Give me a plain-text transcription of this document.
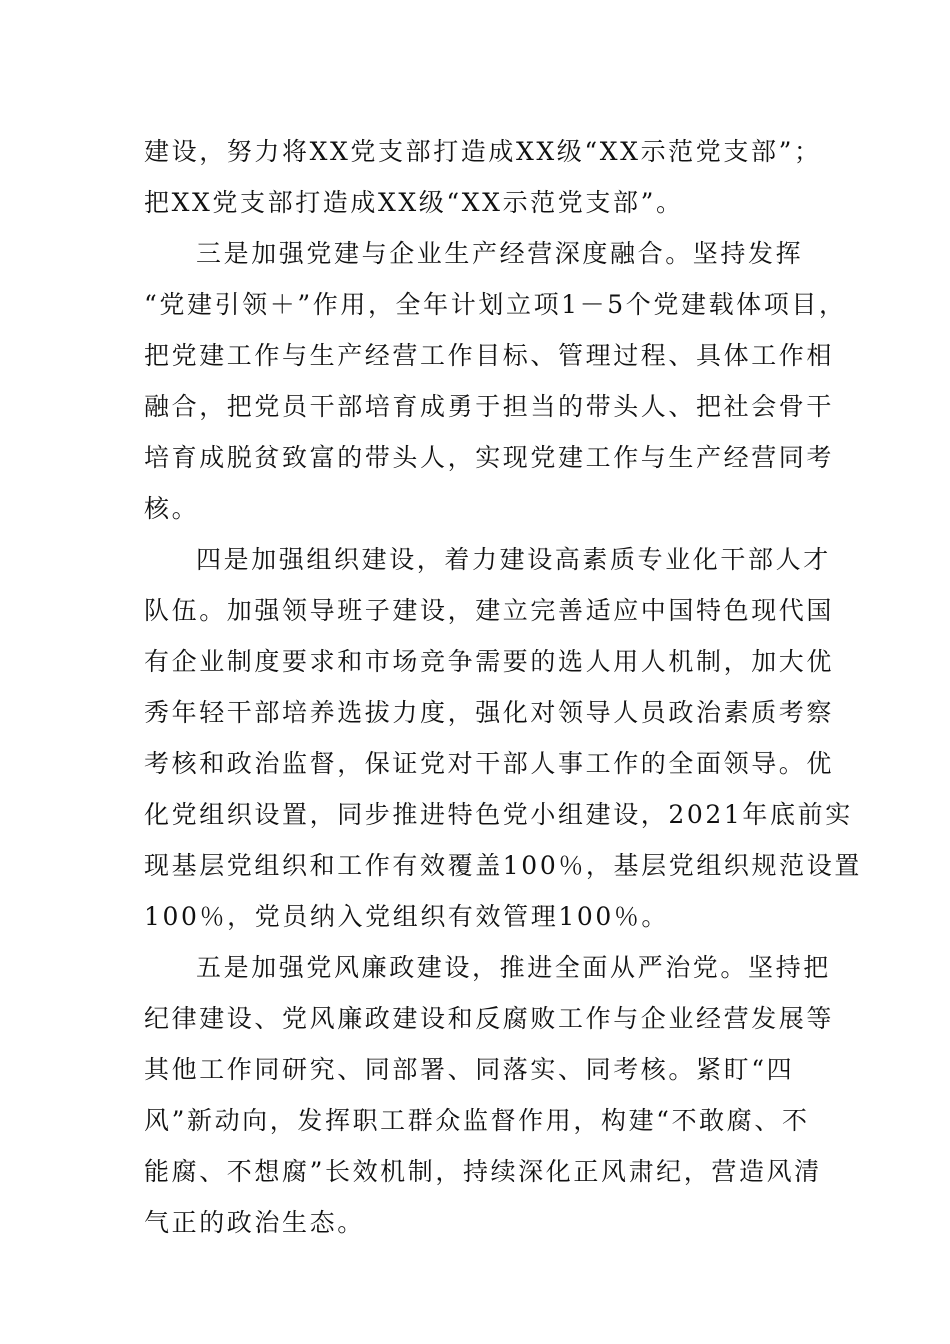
建设，努力将XX党支部打造成XX级“XX示范党支部”；
把XX党支部打造成XX级“XX示范党支部”。
三是加强党建与企业生产经营深度融合。坚持发挥
“党建引领＋”作用，全年计划立项1－5个党建载体项目，
把党建工作与生产经营工作目标、管理过程、具体工作相
融合，把党员干部培育成勇于担当的带头人、把社会骨干
培育成脱贫致富的带头人，实现党建工作与生产经营同考
核。
四是加强组织建设，着力建设高素质专业化干部人才
队伍。加强领导班子建设，建立完善适应中国特色现代国
有企业制度要求和市场竞争需要的选人用人机制，加大优
秀年轻干部培养选拔力度，强化对领导人员政治素质考察
考核和政治监督，保证党对干部人事工作的全面领导。优
化党组织设置，同步推进特色党小组建设，2021年底前实
现基层党组织和工作有效覆盖100％，基层党组织规范设置
100％，党员纳入党组织有效管理100％。
五是加强党风廉政建设，推进全面从严治党。坚持把
纪律建设、党风廉政建设和反腐败工作与企业经营发展等
其他工作同研究、同部署、同落实、同考核。紧盯“四
风”新动向，发挥职工群众监督作用，构建“不敢腐、不
能腐、不想腐”长效机制，持续深化正风肃纪，营造风清
气正的政治生态。
